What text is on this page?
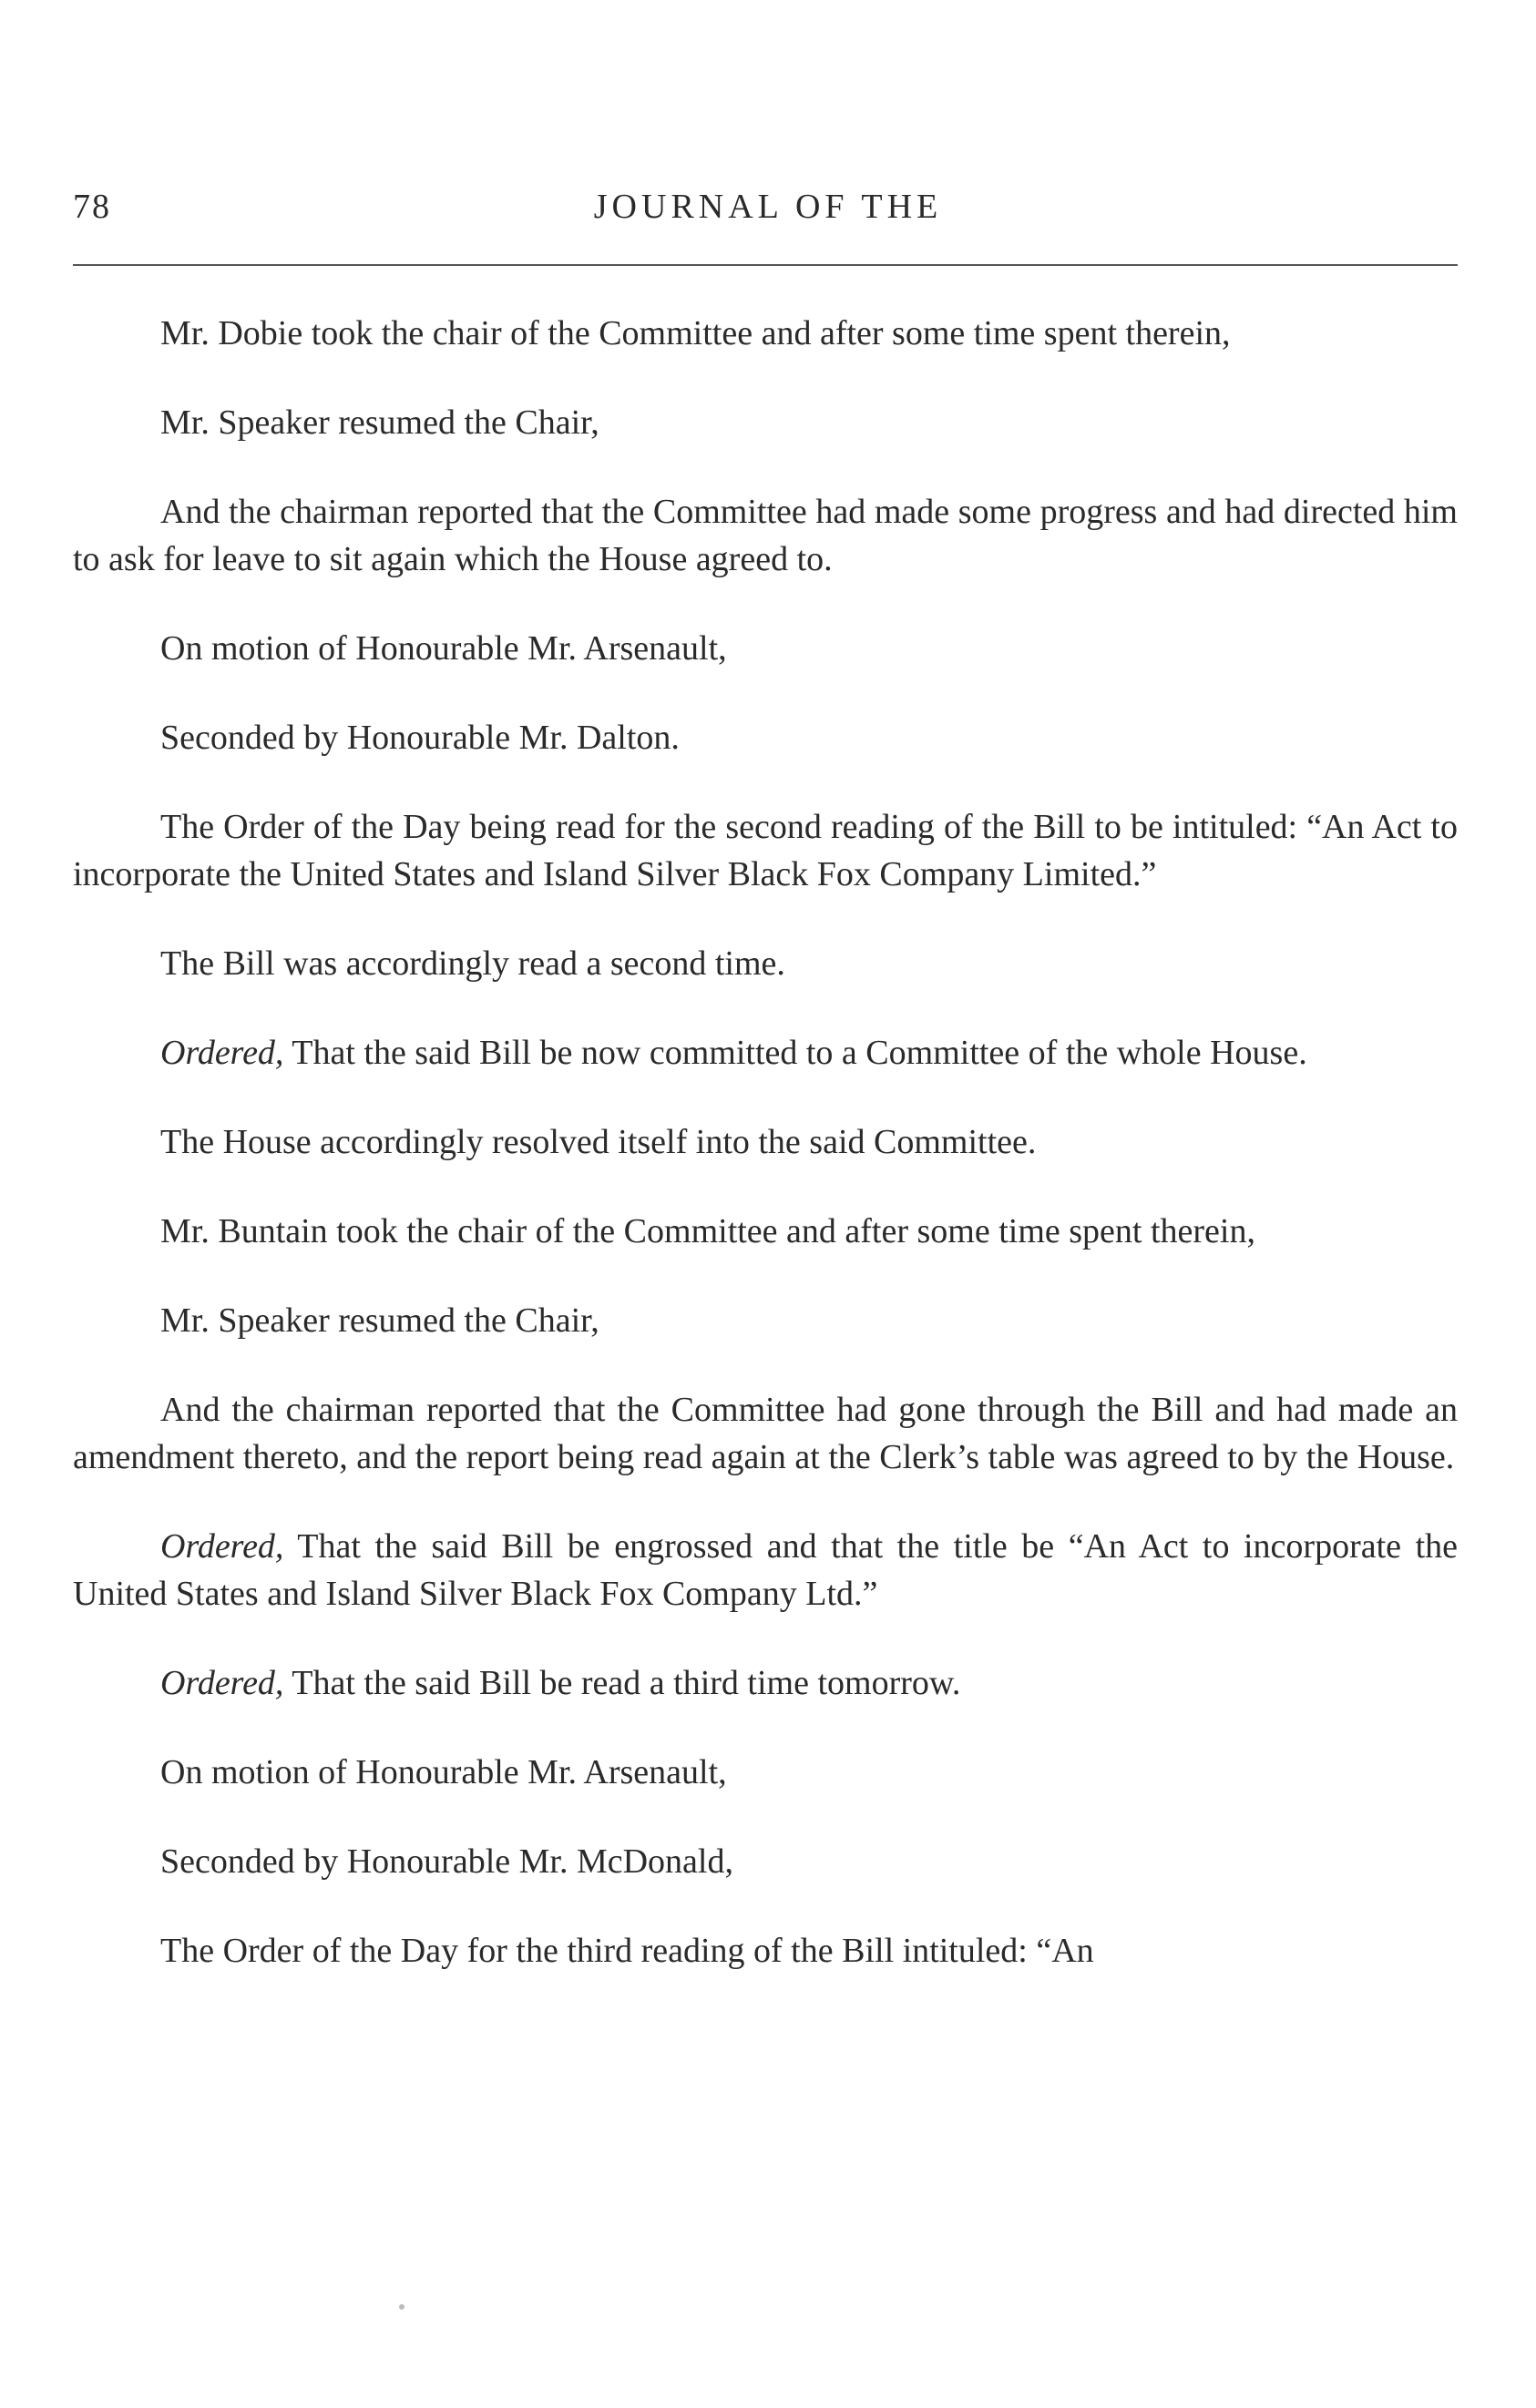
78	JOURNAL OF THE

Mr. Dobie took the chair of the Committee and after some time spent therein,

Mr. Speaker resumed the Chair,

And the chairman reported that the Committee had made some progress and had directed him to ask for leave to sit again which the House agreed to.

On motion of Honourable Mr. Arsenault,

Seconded by Honourable Mr. Dalton.

The Order of the Day being read for the second reading of the Bill to be intituled: “An Act to incorporate the United States and Island Silver Black Fox Company Limited.”

The Bill was accordingly read a second time.

Ordered, That the said Bill be now committed to a Committee of the whole House.

The House accordingly resolved itself into the said Committee.

Mr. Buntain took the chair of the Committee and after some time spent therein,

Mr. Speaker resumed the Chair,

And the chairman reported that the Committee had gone through the Bill and had made an amendment thereto, and the report being read again at the Clerk’s table was agreed to by the House.

Ordered, That the said Bill be engrossed and that the title be “An Act to incorporate the United States and Island Silver Black Fox Company Ltd.”

Ordered, That the said Bill be read a third time tomorrow.

On motion of Honourable Mr. Arsenault,

Seconded by Honourable Mr. McDonald,

The Order of the Day for the third reading of the Bill intituled: “An
